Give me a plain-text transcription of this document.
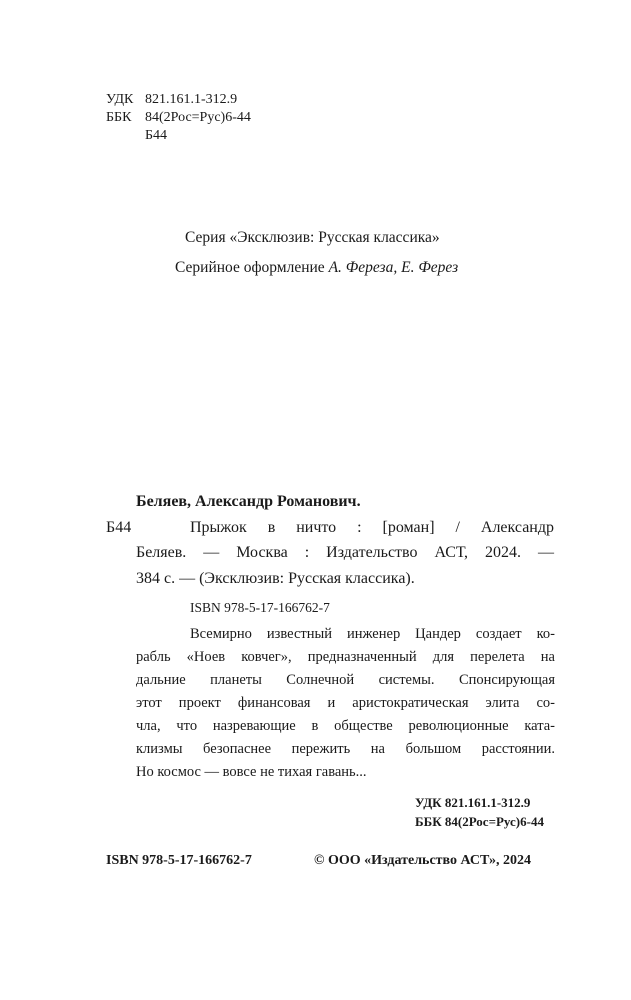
УДК 821.161.1-312.9
ББК 84(2Рос=Рус)6-44
Б44
Серия «Эксклюзив: Русская классика»
Серийное оформление А. Фереза, Е. Ферез
Беляев, Александр Романович.
Б44	Прыжок в ничто : [роман] / Александр
Беляев. — Москва : Издательство АСТ, 2024. —
384 с. — (Эксклюзив: Русская классика).
ISBN 978-5-17-166762-7
Всемирно известный инженер Цандер создает ко-
рабль «Ноев ковчег», предназначенный для перелета на
дальние планеты Солнечной системы. Спонсирующая
этот проект финансовая и аристократическая элита со-
чла, что назревающие в обществе революционные ката-
клизмы безопаснее пережить на большом расстоянии.
Но космос — вовсе не тихая гавань...
УДК 821.161.1-312.9
ББК 84(2Рос=Рус)6-44
ISBN 978-5-17-166762-7	© ООО «Издательство АСТ», 2024
